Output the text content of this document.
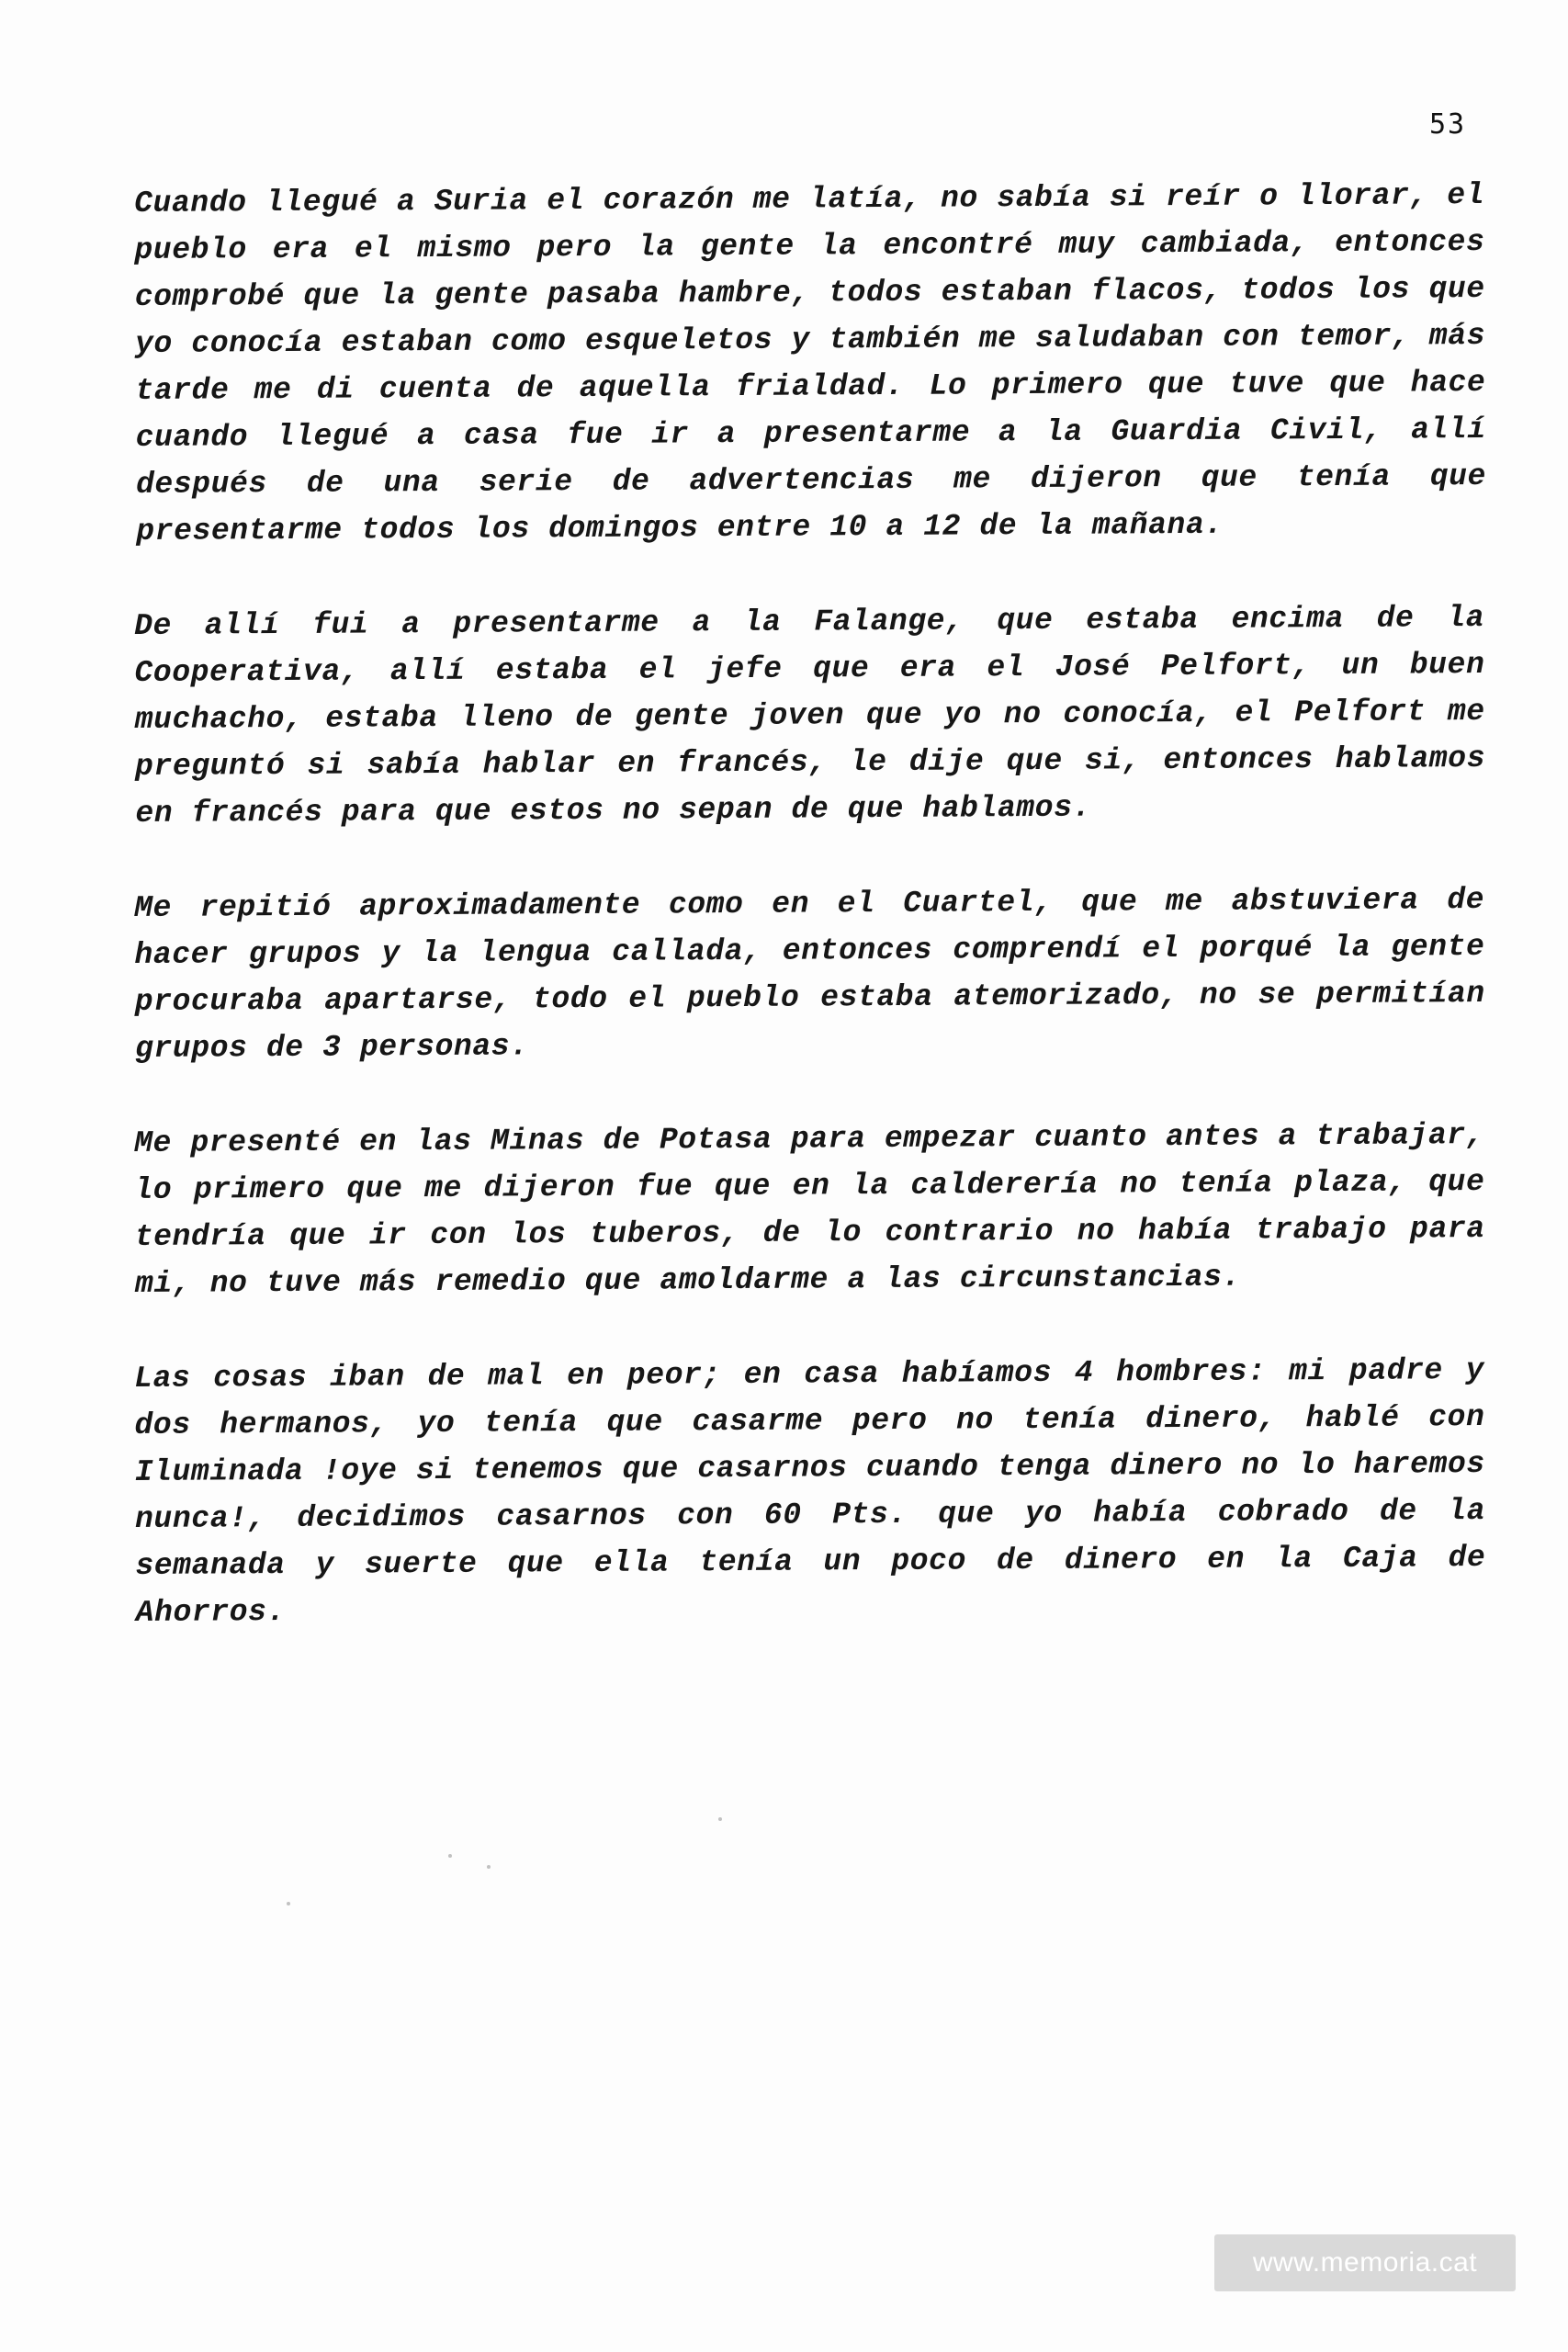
53

Cuando llegué a Suria el corazón me latía, no sabía si reír o llorar, el pueblo era el mismo pero la gente la encontré muy cambiada, entonces comprobé que la gente pasaba hambre, todos estaban flacos, todos los que yo conocía estaban como esqueletos y también me saludaban con temor, más tarde me di cuenta de aquella frialdad. Lo primero que tuve que hace cuando llegué a casa fue ir a presentarme a la Guardia Civil, allí después de una serie de advertencias me dijeron que tenía que presentarme todos los domingos entre 10 a 12 de la mañana.

De allí fui a presentarme a la Falange, que estaba encima de la Cooperativa, allí estaba el jefe que era el José Pelfort, un buen muchacho, estaba lleno de gente joven que yo no conocía, el Pelfort me preguntó si sabía hablar en francés, le dije que si, entonces hablamos en francés para que estos no sepan de que hablamos.

Me repitió aproximadamente como en el Cuartel, que me abstuviera de hacer grupos y la lengua callada, entonces comprendí el porqué la gente procuraba apartarse, todo el pueblo estaba atemorizado, no se permitían grupos de 3 personas.

Me presenté en las Minas de Potasa para empezar cuanto antes a trabajar, lo primero que me dijeron fue que en la calderería no tenía plaza, que tendría que ir con los tuberos, de lo contrario no había trabajo para mi, no tuve más remedio que amoldarme a las circunstancias.

Las cosas iban de mal en peor; en casa habíamos 4 hombres: mi padre y dos hermanos, yo tenía que casarme pero no tenía dinero, hablé con Iluminada !oye si tenemos que casarnos cuando tenga dinero no lo haremos nunca!, decidimos casarnos con 60 Pts. que yo había cobrado de la semanada y suerte que ella tenía un poco de dinero en la Caja de Ahorros.

www.memoria.cat
